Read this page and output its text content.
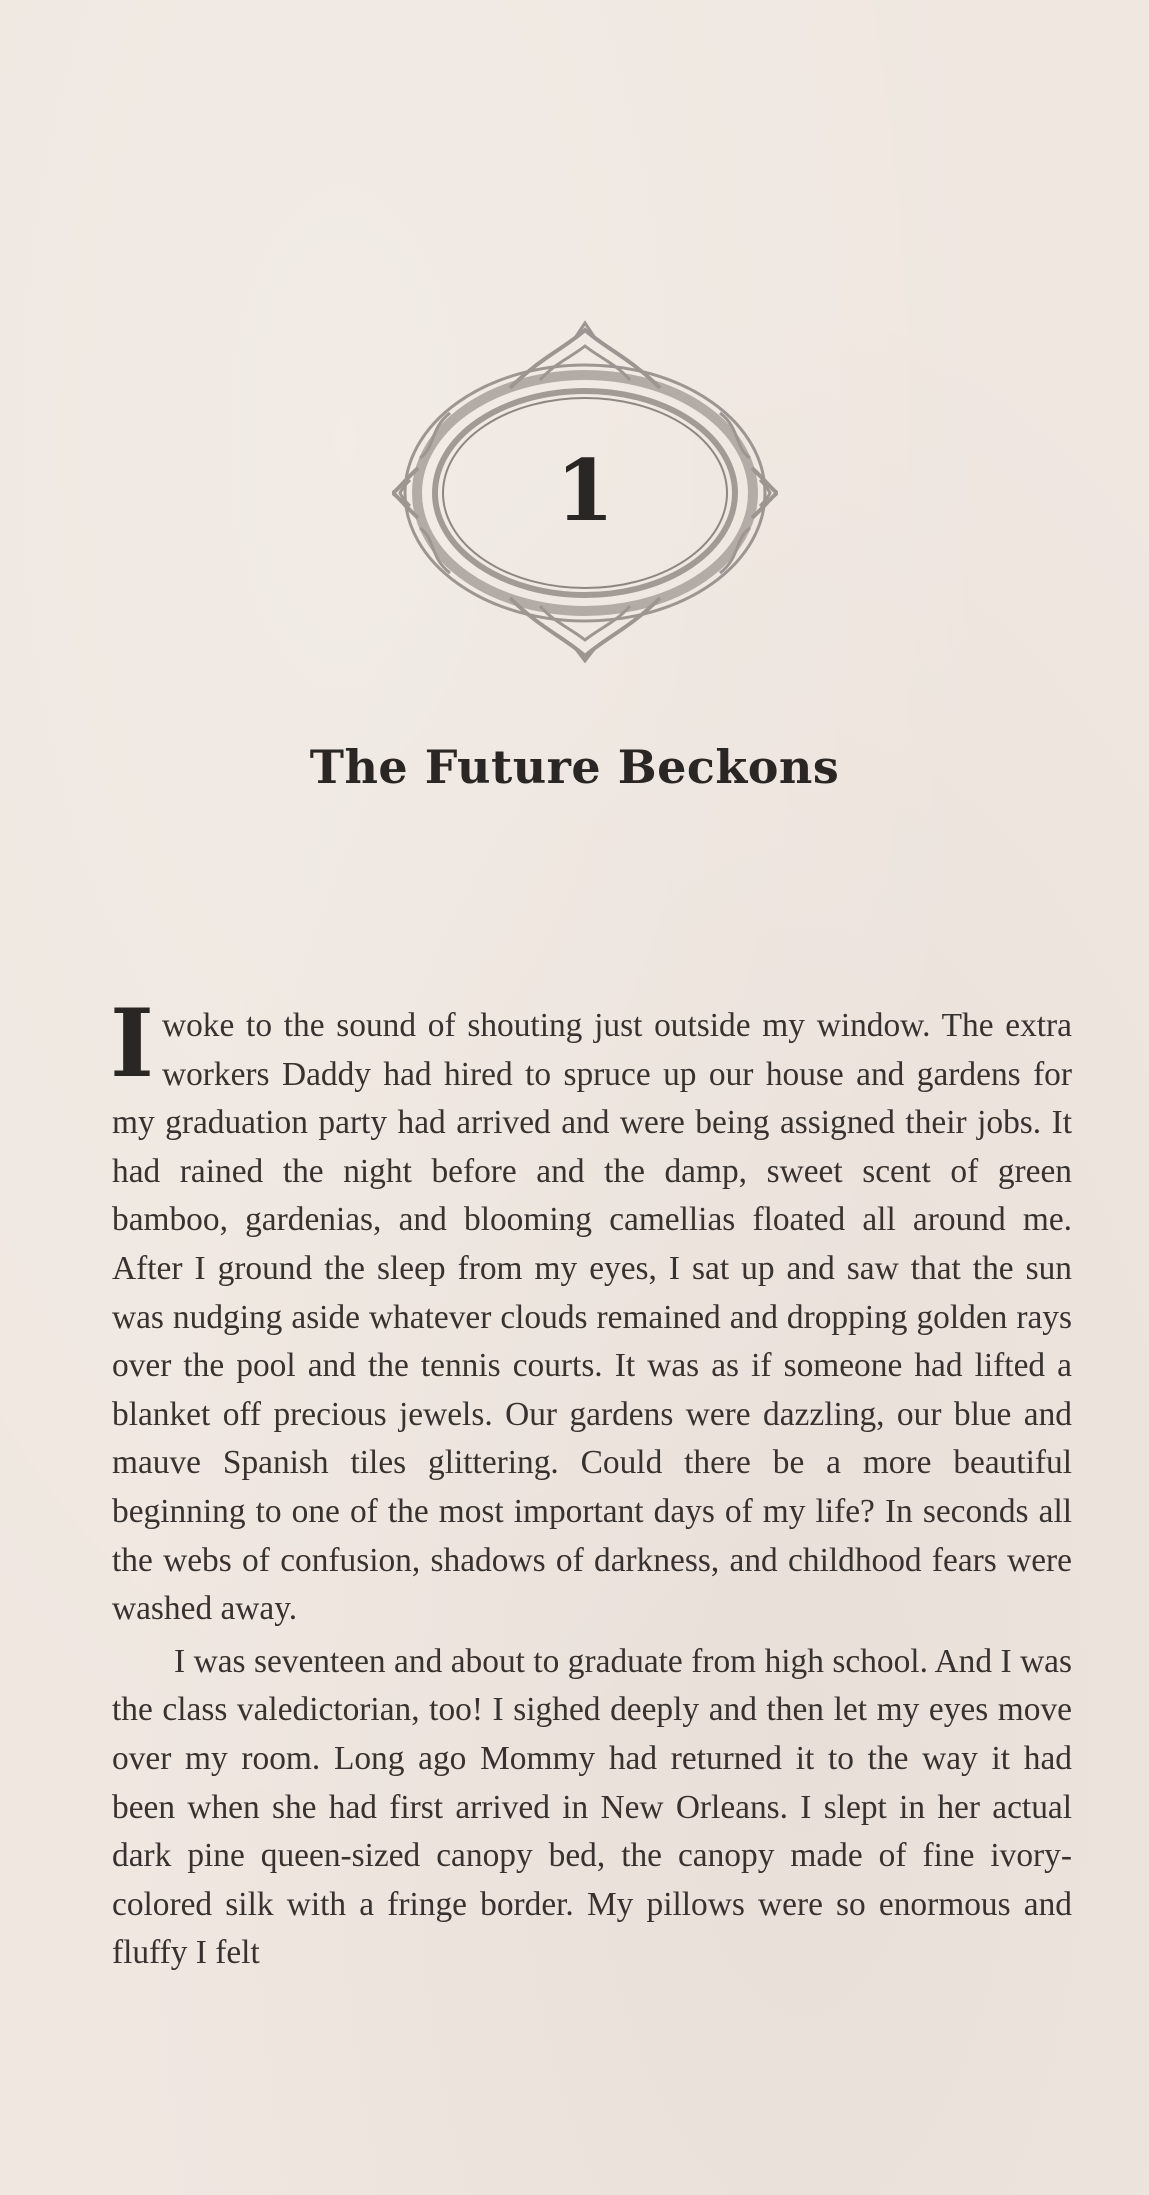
1
The Future Beckons

Iwoke to the sound of shouting just outside my window. The extra workers Daddy had hired to spruce up our house and gardens for my graduation party had arrived and were being assigned their jobs. It had rained the night before and the damp, sweet scent of green bamboo, gardenias, and blooming camellias floated all around me. After I ground the sleep from my eyes, I sat up and saw that the sun was nudging aside whatever clouds remained and dropping golden rays over the pool and the tennis courts. It was as if someone had lifted a blanket off precious jewels. Our gardens were dazzling, our blue and mauve Spanish tiles glittering. Could there be a more beautiful beginning to one of the most important days of my life? In seconds all the webs of confusion, shadows of darkness, and childhood fears were washed away.

I was seventeen and about to graduate from high school. And I was the class valedictorian, too! I sighed deeply and then let my eyes move over my room. Long ago Mommy had returned it to the way it had been when she had first arrived in New Orleans. I slept in her actual dark pine queen-sized canopy bed, the canopy made of fine ivory-colored silk with a fringe border. My pillows were so enormous and fluffy I felt
